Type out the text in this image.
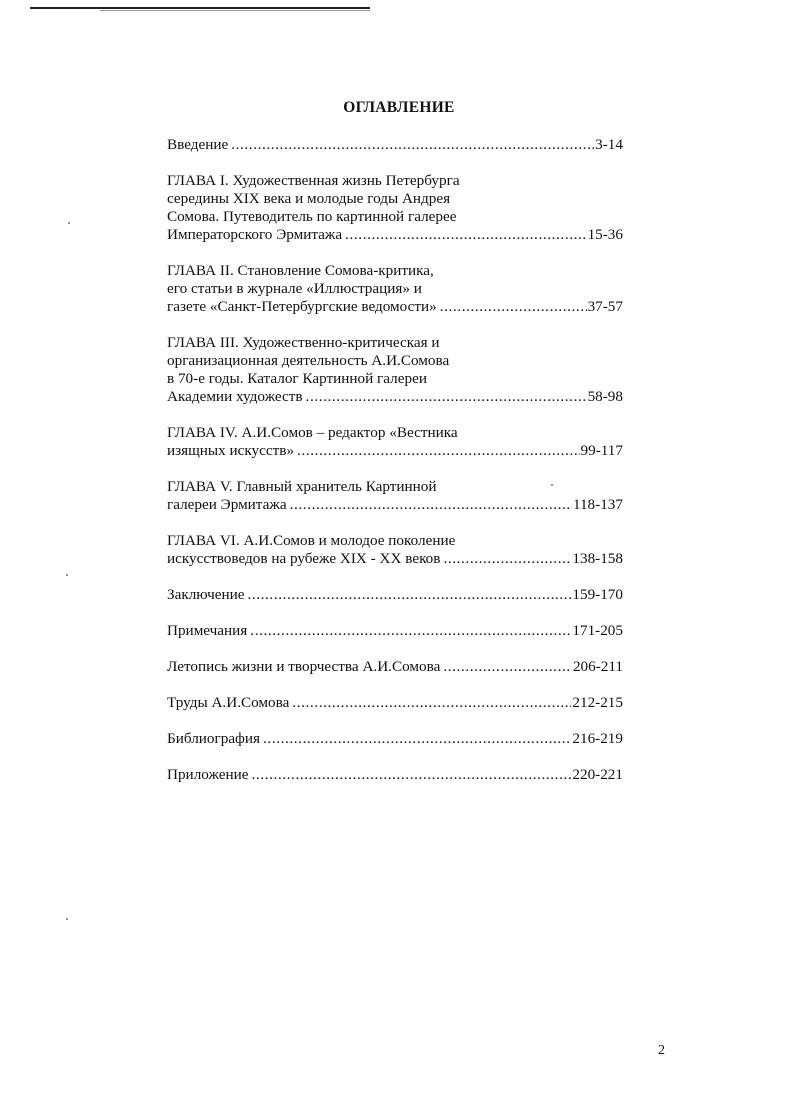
ОГЛАВЛЕНИЕ
Введение . . .	3-14
ГЛАВА I. Художественная жизнь Петербурга
середины XIX века и молодые годы Андрея
Сомова. Путеводитель по картинной галерее
Императорского Эрмитажа . . .	15-36
ГЛАВА II. Становление Сомова-критика,
его статьи в журнале «Иллюстрация» и
газете «Санкт-Петербургские ведомости» . . .	37-57
ГЛАВА III. Художественно-критическая и
организационная деятельность А.И.Сомова
в 70-е годы. Каталог Картинной галереи
Академии художеств . . .	58-98
ГЛАВА IV. А.И.Сомов – редактор «Вестника
изящных искусств» . . .	99-117
ГЛАВА V. Главный хранитель Картинной
галереи Эрмитажа . . .	118-137
ГЛАВА VI. А.И.Сомов и молодое поколение
искусствоведов на рубеже XIX - XX веков . . .	138-158
Заключение . . .	159-170
Примечания . . .	171-205
Летопись жизни и творчества А.И.Сомова . . .	206-211
Труды А.И.Сомова . . .	212-215
Библиография . . .	216-219
Приложение . . .	220-221
2
